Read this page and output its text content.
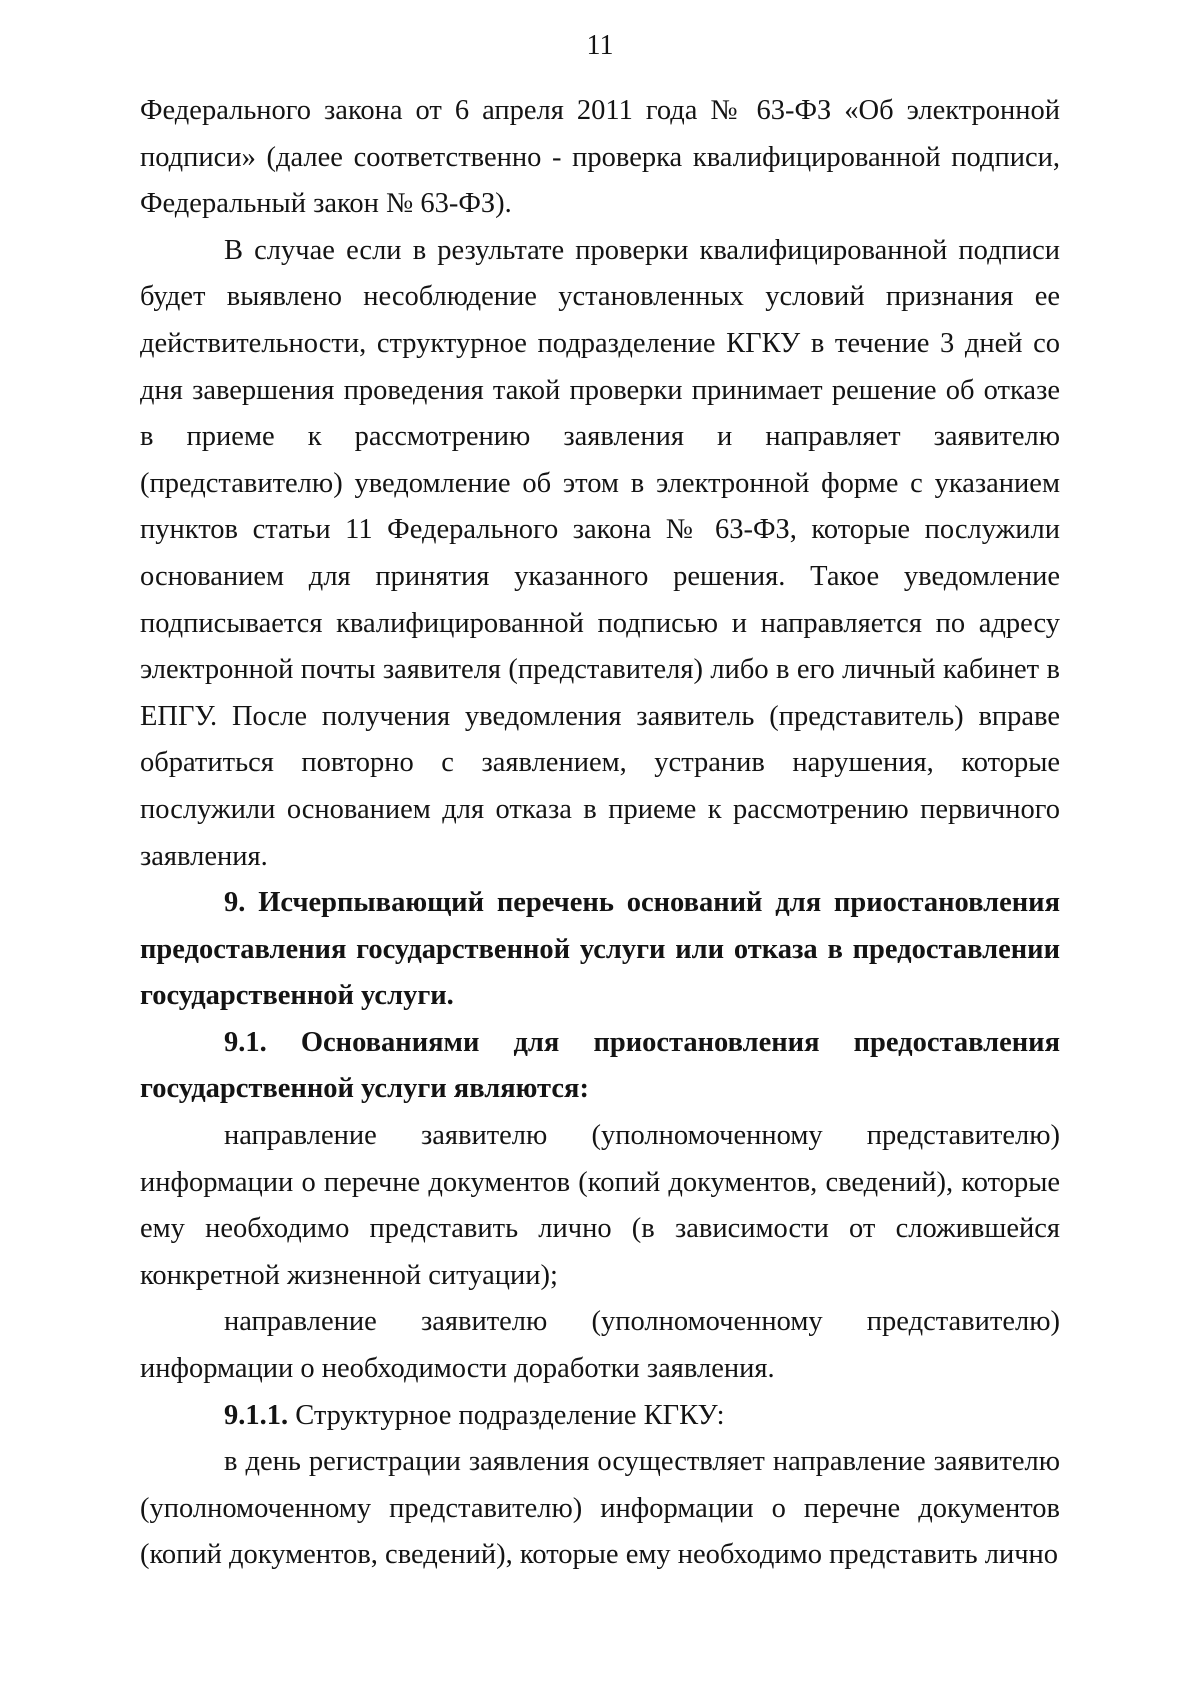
11

Федерального закона от 6 апреля 2011 года № 63-ФЗ «Об электронной подписи» (далее соответственно - проверка квалифицированной подписи, Федеральный закон № 63-ФЗ).

В случае если в результате проверки квалифицированной подписи будет выявлено несоблюдение установленных условий признания ее действительности, структурное подразделение КГКУ в течение 3 дней со дня завершения проведения такой проверки принимает решение об отказе в приеме к рассмотрению заявления и направляет заявителю (представителю) уведомление об этом в электронной форме с указанием пунктов статьи 11 Федерального закона № 63-ФЗ, которые послужили основанием для принятия указанного решения. Такое уведомление подписывается квалифицированной подписью и направляется по адресу электронной почты заявителя (представителя) либо в его личный кабинет в ЕПГУ. После получения уведомления заявитель (представитель) вправе обратиться повторно с заявлением, устранив нарушения, которые послужили основанием для отказа в приеме к рассмотрению первичного заявления.

9. Исчерпывающий перечень оснований для приостановления предоставления государственной услуги или отказа в предоставлении государственной услуги.

9.1. Основаниями для приостановления предоставления государственной услуги являются:

направление заявителю (уполномоченному представителю) информации о перечне документов (копий документов, сведений), которые ему необходимо представить лично (в зависимости от сложившейся конкретной жизненной ситуации);

направление заявителю (уполномоченному представителю) информации о необходимости доработки заявления.

9.1.1. Структурное подразделение КГКУ:

в день регистрации заявления осуществляет направление заявителю (уполномоченному представителю) информации о перечне документов (копий документов, сведений), которые ему необходимо представить лично
